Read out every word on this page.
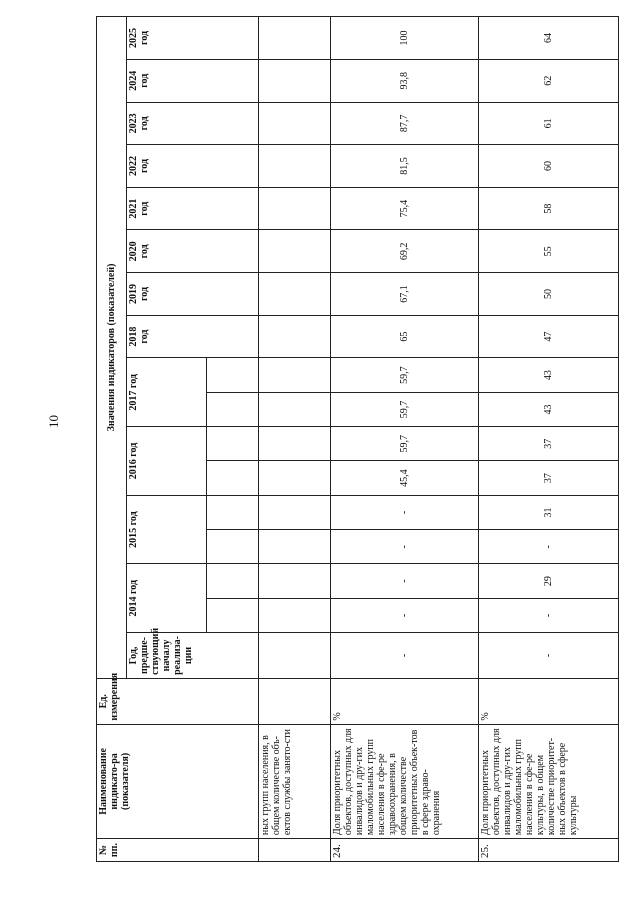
10
№ пп.	Наименование индикато-ра (показателя)	Ед. измерения	Значения индикаторов (показателей)																
			Год, предше-ствующий началу реализа-ции	2014 год		2015 год		2016 год		2017 год		2018 год	2019 год	2020 год	2021 год	2022 год	2023 год	2024 год	2025 год

	ных групп населения, в общем количестве объ-ектов службы занято-сти																		
24.	Доля приоритетных объектов, доступных для инвалидов и дру-гих маломобильных групп населения в сфе-ре здравоохранения, в общем количестве приоритетных объек-тов в сфере здраво-охранения	%	-	-	-	-	-	45,4	59,7	59,7	59,7	65	67,1	69,2	75,4	81,5	87,7	93,8	100
25.	Доля приоритетных объектов, доступных для инвалидов и дру-гих маломобильных групп населения в сфе-ре культуры, в общем количестве приоритет-ных объектов в сфере культуры	%	-	-	29	-	31	37	37	43	43	47	50	55	58	60	61	62	64
